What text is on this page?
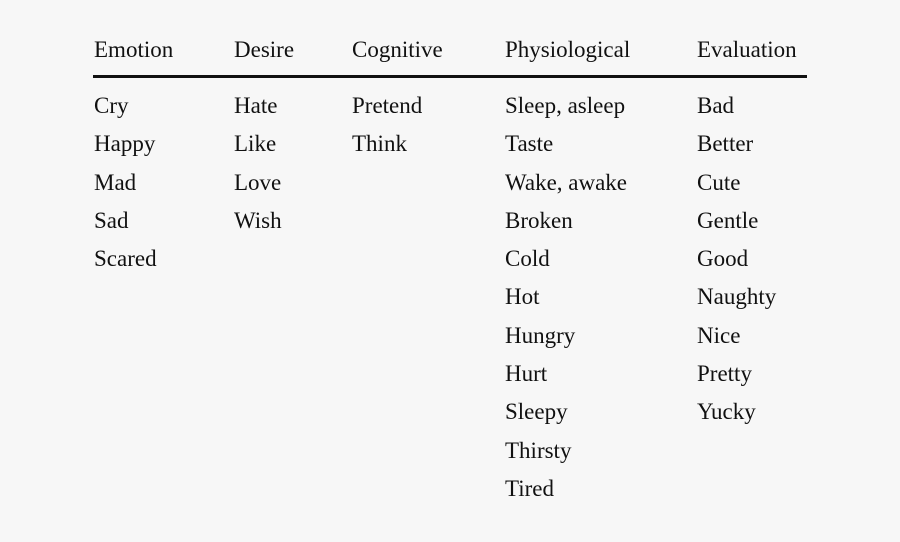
Emotion
Cry
Happy
Mad
Sad
Scared
Desire
Hate
Like
Love
Wish
Cognitive
Pretend
Think
Physiological
Sleep, asleep
Taste
Wake, awake
Broken
Cold
Hot
Hungry
Hurt
Sleepy
Thirsty
Tired
Evaluation
Bad
Better
Cute
Gentle
Good
Naughty
Nice
Pretty
Yucky
